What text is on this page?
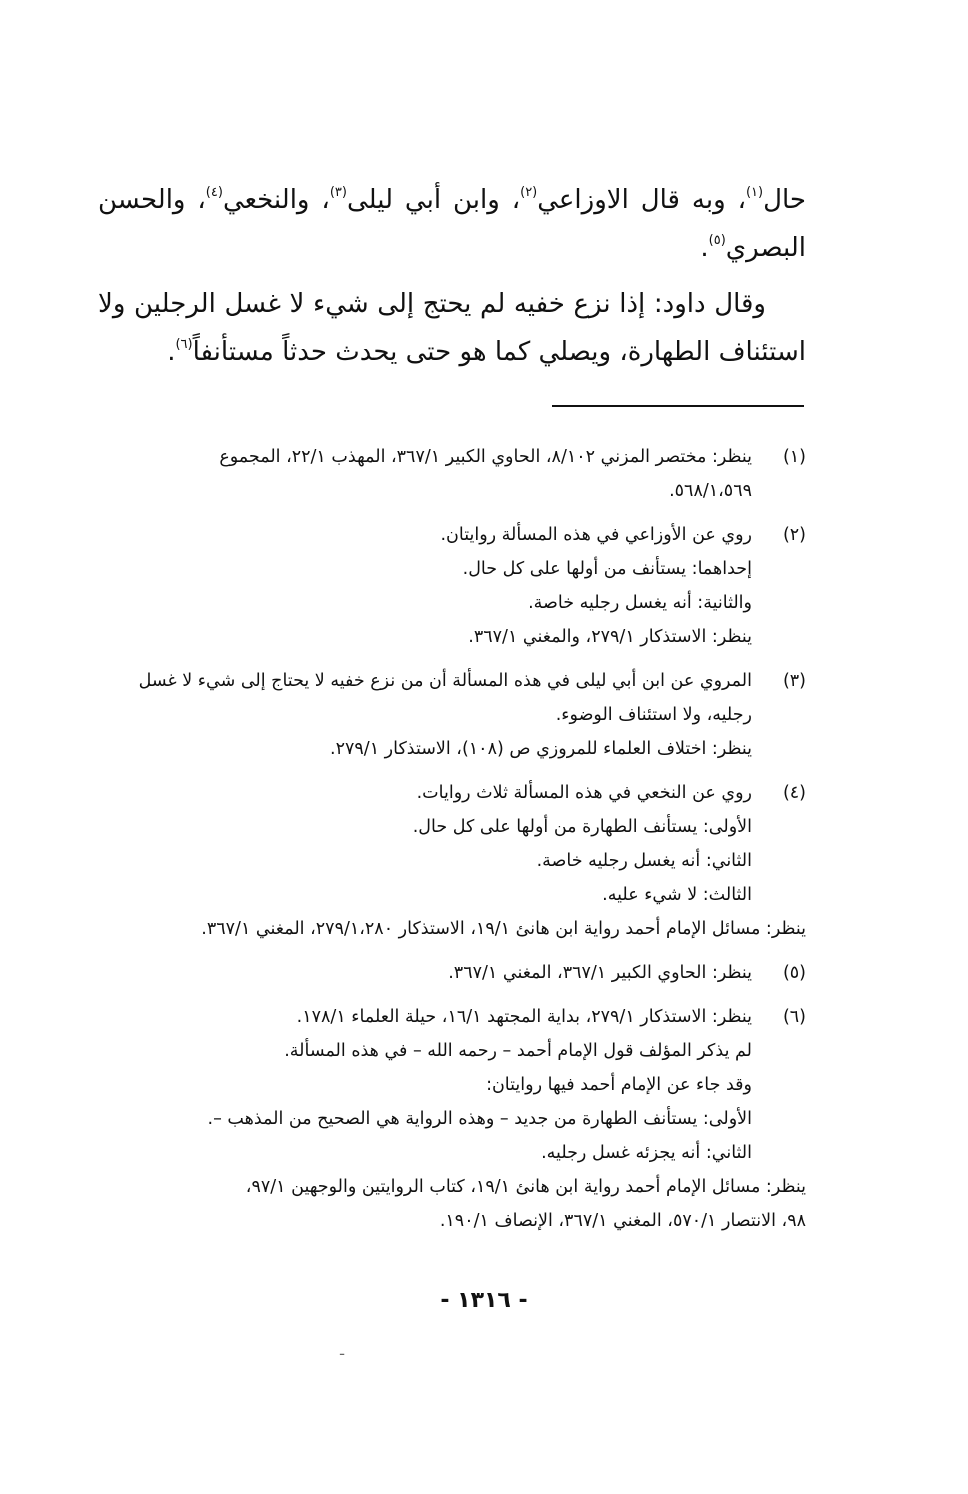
حال$^{(١)}$، وبه قال الاوزاعي$^{(٢)}$، وابن أبي ليلى$^{(٣)}$، والنخعي$^{(٤)}$، والحسن البصري$^{(٥)}$.

وقال داود: إذا نزع خفيه لم يحتج إلى شيء لا غسل الرجلين ولا استئناف الطهارة، ويصلي كما هو حتى يحدث حدثاً مستأنفاً$^{(٦)}$.

(١)
ينظر: مختصر المزني ٨/١٠٢، الحاوي الكبير ٣٦٧/١، المهذب ٢٢/١، المجموع
٥٦٨/١،٥٦٩.
(٢)
روي عن الأوزاعي في هذه المسألة روايتان.
إحداهما: يستأنف من أولها على كل حال.
والثانية: أنه يغسل رجليه خاصة.
ينظر: الاستذكار ٢٧٩/١، والمغني ٣٦٧/١.
(٣)
المروي عن ابن أبي ليلى في هذه المسألة أن من نزع خفيه لا يحتاج إلى شيء لا غسل
رجليه، ولا استئناف الوضوء.
ينظر: اختلاف العلماء للمروزي ص (١٠٨)، الاستذكار ٢٧٩/١.
(٤)
روي عن النخعي في هذه المسألة ثلاث روايات.
الأولى: يستأنف الطهارة من أولها على كل حال.
الثاني: أنه يغسل رجليه خاصة.
الثالث: لا شيء عليه.
ينظر: مسائل الإمام أحمد رواية ابن هانئ ١٩/١، الاستذكار ٢٧٩/١،٢٨٠، المغني ٣٦٧/١.
(٥)
ينظر: الحاوي الكبير ٣٦٧/١، المغني ٣٦٧/١.
(٦)
ينظر: الاستذكار ٢٧٩/١، بداية المجتهد ١٦/١، حيلة العلماء ١٧٨/١.
لم يذكر المؤلف قول الإمام أحمد – رحمه الله – في هذه المسألة.
وقد جاء عن الإمام أحمد فيها روايتان:
الأولى: يستأنف الطهارة من جديد – وهذه الرواية هي الصحيح من المذهب –.
الثاني: أنه يجزئه غسل رجليه.
ينظر: مسائل الإمام أحمد رواية ابن هانئ ١٩/١، كتاب الروايتين والوجهين ٩٧/١،
٩٨، الانتصار ٥٧٠/١، المغني ٣٦٧/١، الإنصاف ١٩٠/١.
- ١٣١٦ -
ـ
